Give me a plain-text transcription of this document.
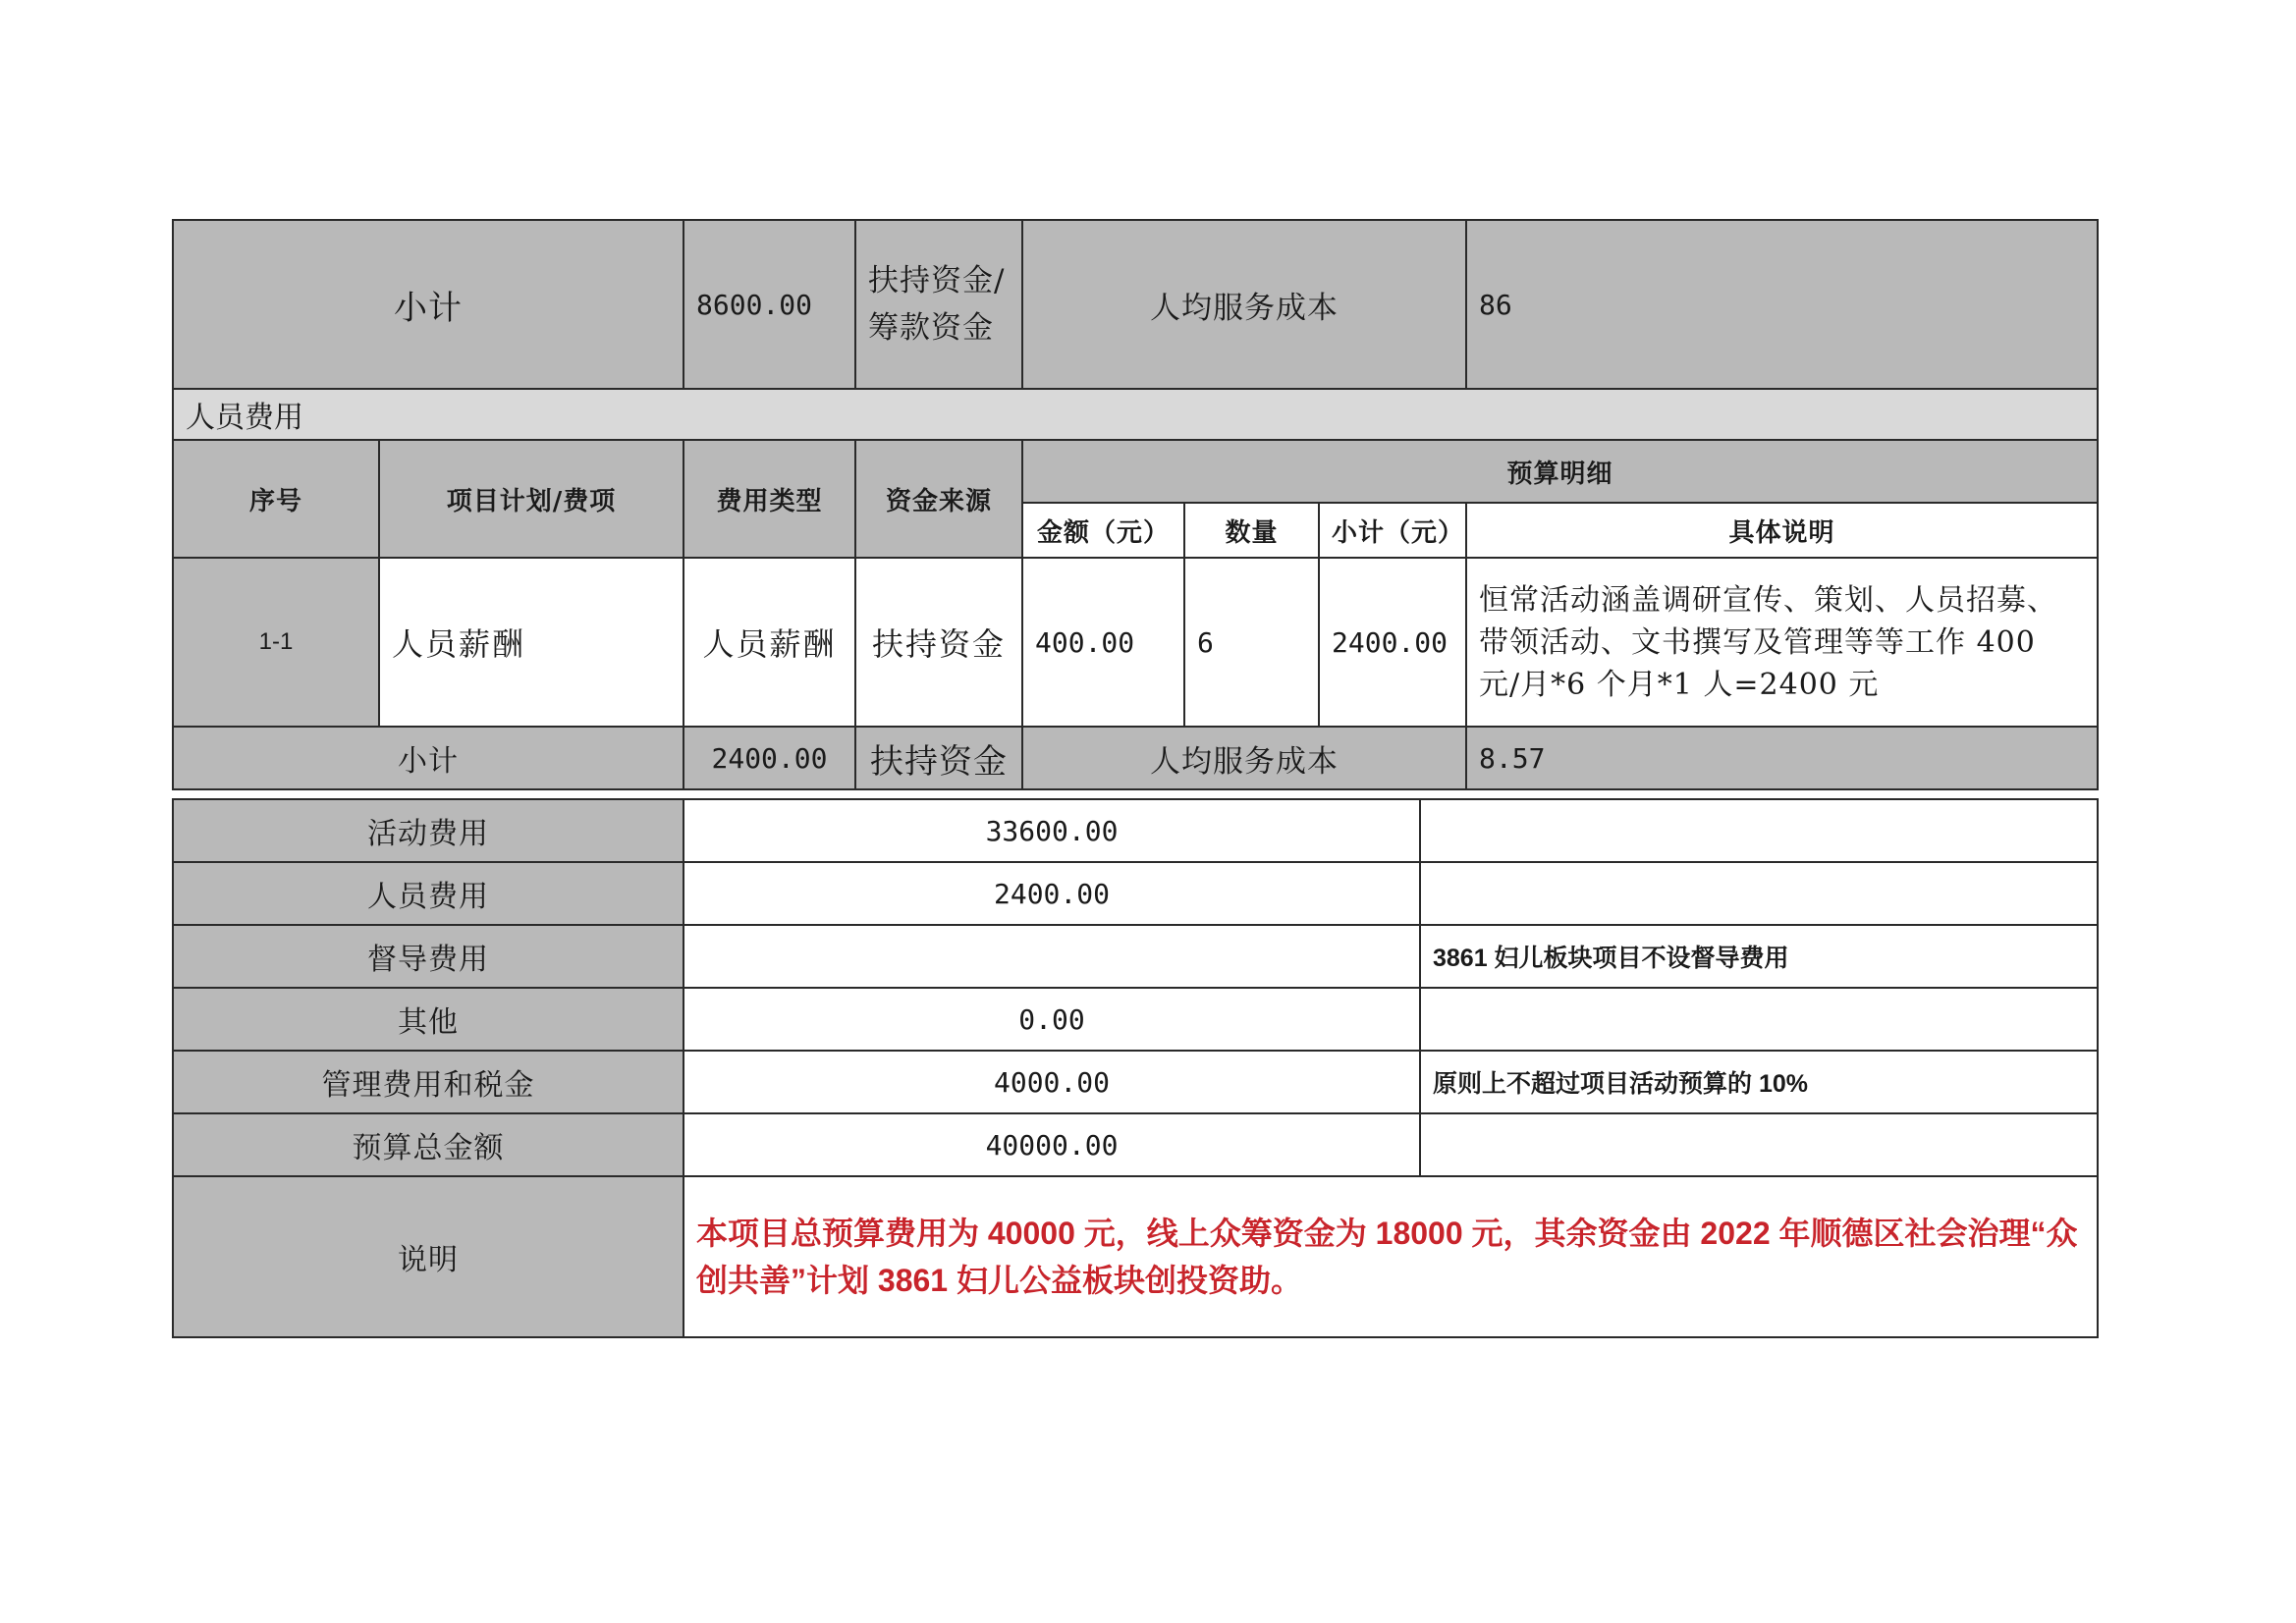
小计		8600.00	扶持资金/筹款资金	人均服务成本			86
人员费用							
序号	项目计划/费项	费用类型	资金来源	预算明细			
				金额（元）	数量	小计（元）	具体说明
1-1	人员薪酬	人员薪酬	扶持资金	400.00	6	2400.00	恒常活动涵盖调研宣传、策划、人员招募、带领活动、文书撰写及管理等等工作 400 元/月*6 个月*1 人=2400 元
小计		2400.00	扶持资金	人均服务成本			8.57
活动费用	33600.00	
人员费用	2400.00	
督导费用		3861 妇儿板块项目不设督导费用
其他	0.00	
管理费用和税金	4000.00	原则上不超过项目活动预算的 10%
预算总金额	40000.00	
说明	本项目总预算费用为 40000 元，线上众筹资金为 18000 元，其余资金由 2022 年顺德区社会治理“众创共善”计划 3861 妇儿公益板块创投资助。	
